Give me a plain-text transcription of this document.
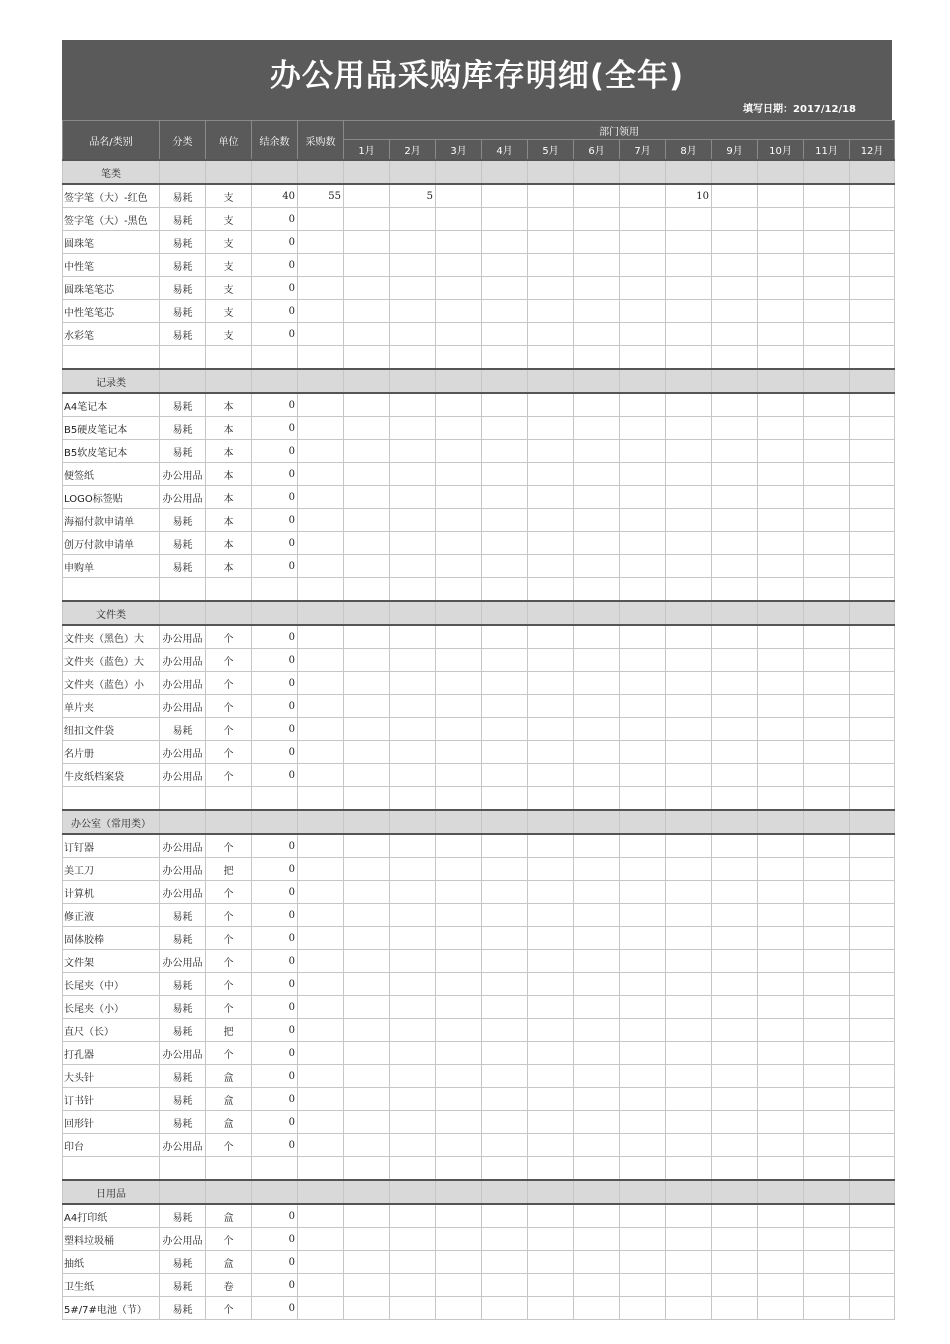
办公用品采购库存明细(全年)
填写日期：2017/12/18
品名/类别	分类	单位	结余数	采购数	部门领用											
					1月	2月	3月	4月	5月	6月	7月	8月	9月	10月	11月	12月
笔类																
签字笔（大）-红色	易耗	支	40	55		5						10				
签字笔（大）-黑色	易耗	支	0													
圆珠笔	易耗	支	0													
中性笔	易耗	支	0													
圆珠笔笔芯	易耗	支	0													
中性笔笔芯	易耗	支	0													
水彩笔	易耗	支	0													

记录类																
A4笔记本	易耗	本	0													
B5硬皮笔记本	易耗	本	0													
B5软皮笔记本	易耗	本	0													
便签纸	办公用品	本	0													
LOGO标签贴	办公用品	本	0													
海福付款申请单	易耗	本	0													
创万付款申请单	易耗	本	0													
申购单	易耗	本	0													

文件类																
文件夹（黑色）大	办公用品	个	0													
文件夹（蓝色）大	办公用品	个	0													
文件夹（蓝色）小	办公用品	个	0													
单片夹	办公用品	个	0													
纽扣文件袋	易耗	个	0													
名片册	办公用品	个	0													
牛皮纸档案袋	办公用品	个	0													

办公室（常用类）																
订钉器	办公用品	个	0													
美工刀	办公用品	把	0													
计算机	办公用品	个	0													
修正液	易耗	个	0													
固体胶棒	易耗	个	0													
文件架	办公用品	个	0													
长尾夹（中）	易耗	个	0													
长尾夹（小）	易耗	个	0													
直尺（长）	易耗	把	0													
打孔器	办公用品	个	0													
大头针	易耗	盒	0													
订书针	易耗	盒	0													
回形针	易耗	盒	0													
印台	办公用品	个	0													

日用品																
A4打印纸	易耗	盒	0													
塑料垃圾桶	办公用品	个	0													
抽纸	易耗	盒	0													
卫生纸	易耗	卷	0													
5#/7#电池（节）	易耗	个	0													
